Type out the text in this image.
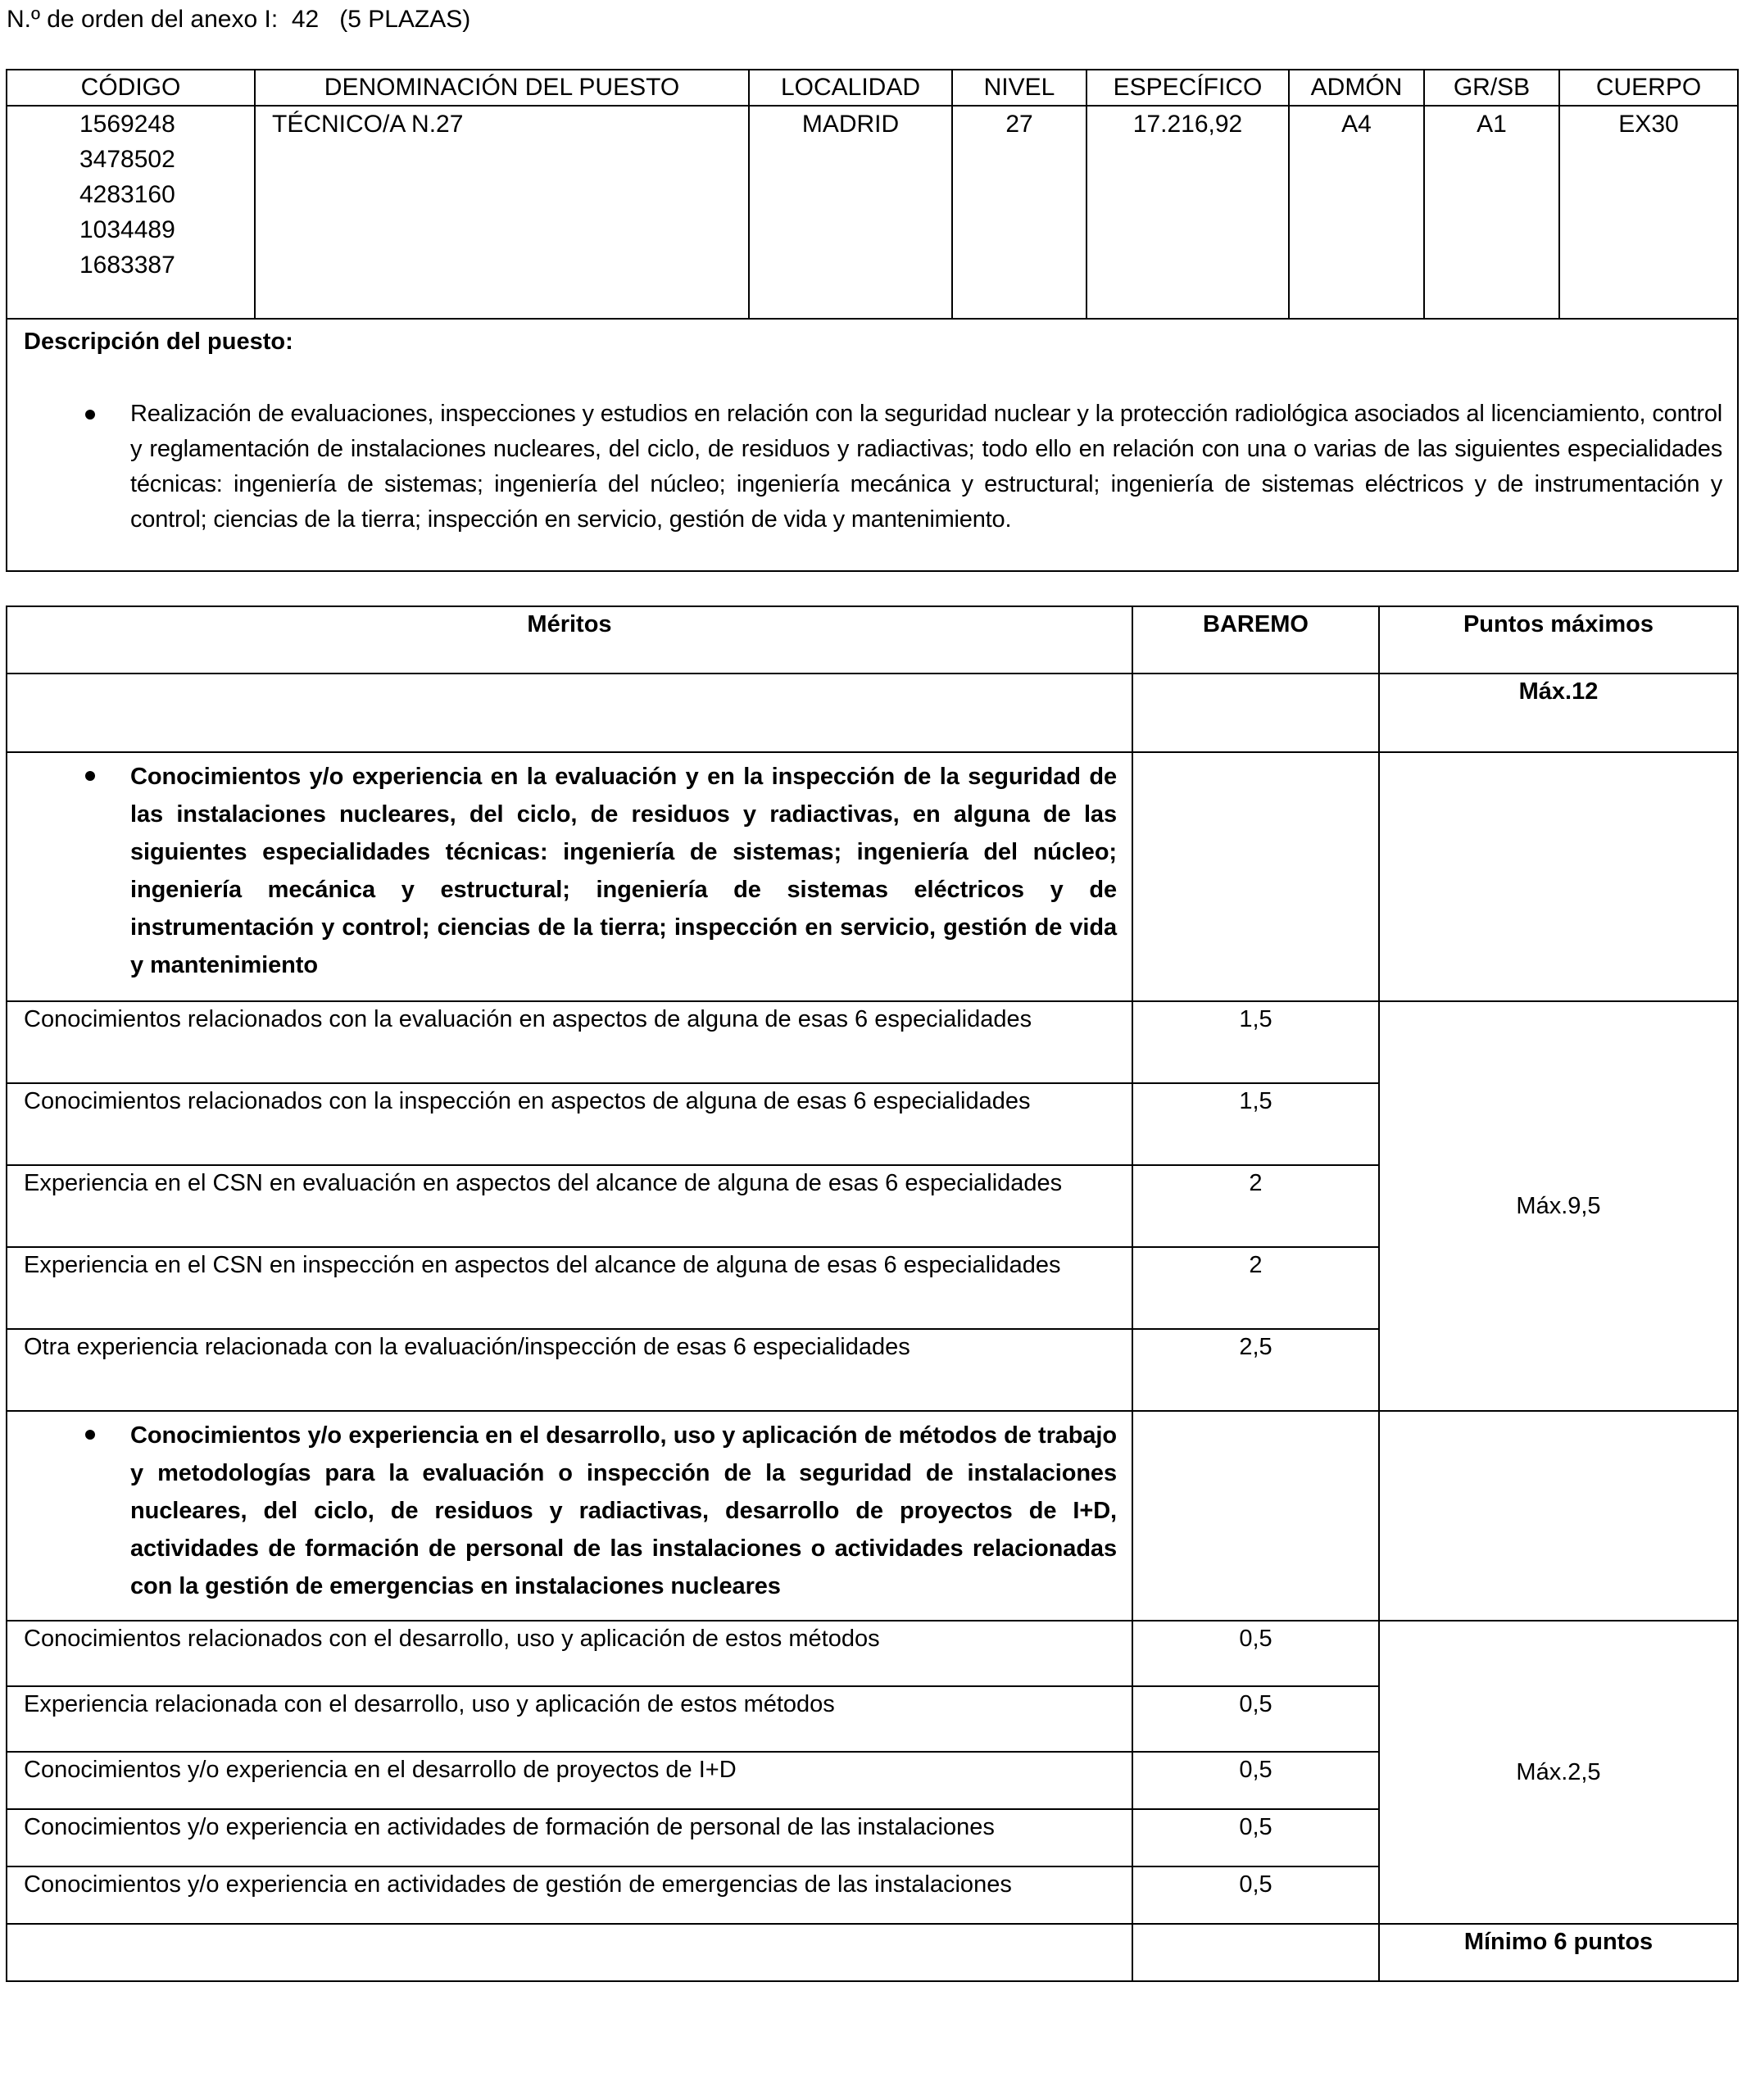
N.º de orden del anexo I:  42   (5 PLAZAS)
CÓDIGO	DENOMINACIÓN DEL PUESTO	LOCALIDAD	NIVEL	ESPECÍFICO	ADMÓN	GR/SB	CUERPO

1569248
3478502
4283160
1034489
1683387	TÉCNICO/A N.27	MADRID	27	17.216,92	A4	A1	EX30

Descripción del puesto:
Realización de evaluaciones, inspecciones y estudios en relación con la seguridad nuclear y la protección radiológica asociados al licenciamiento, control y reglamentación de instalaciones nucleares, del ciclo, de residuos y radiactivas; todo ello en relación con una o varias de las siguientes especialidades técnicas: ingeniería de sistemas; ingeniería del núcleo; ingeniería mecánica y estructural; ingeniería de sistemas eléctricos y de instrumentación y control; ciencias de la tierra; inspección en servicio, gestión de vida y mantenimiento.							
Méritos	BAREMO	Puntos máximos
		Máx.12

Conocimientos y/o experiencia en la evaluación y en la inspección de la seguridad de las instalaciones nucleares, del ciclo, de residuos y radiactivas, en alguna de las siguientes especialidades técnicas: ingeniería de sistemas; ingeniería del núcleo; ingeniería mecánica y estructural; ingeniería de sistemas eléctricos y de instrumentación y control; ciencias de la tierra; inspección en servicio, gestión de vida y mantenimiento		

Conocimientos relacionados con la evaluación en aspectos de alguna de esas 6 especialidades	1,5	Máx.9,5
Conocimientos relacionados con la inspección en aspectos de alguna de esas 6 especialidades	1,5	
Experiencia en el CSN en evaluación en aspectos del alcance de alguna de esas 6 especialidades	2	
Experiencia en el CSN en inspección en aspectos del alcance de alguna de esas 6 especialidades	2	
Otra experiencia relacionada con la evaluación/inspección de esas 6 especialidades	2,5	

Conocimientos y/o experiencia en el desarrollo, uso y aplicación de métodos de trabajo y metodologías para la evaluación o inspección de la seguridad de instalaciones nucleares, del ciclo, de residuos y radiactivas, desarrollo de proyectos de I+D, actividades de formación de personal de las instalaciones o actividades relacionadas con la gestión de emergencias en instalaciones nucleares		

Conocimientos relacionados con el desarrollo, uso y aplicación de estos métodos	0,5	Máx.2,5
Experiencia relacionada con el desarrollo, uso y aplicación de estos métodos	0,5	
Conocimientos y/o experiencia en el desarrollo de proyectos de I+D	0,5	
Conocimientos y/o experiencia en actividades de formación de personal de las instalaciones	0,5	
Conocimientos y/o experiencia en actividades de gestión de emergencias de las instalaciones	0,5	
		Mínimo 6 puntos
